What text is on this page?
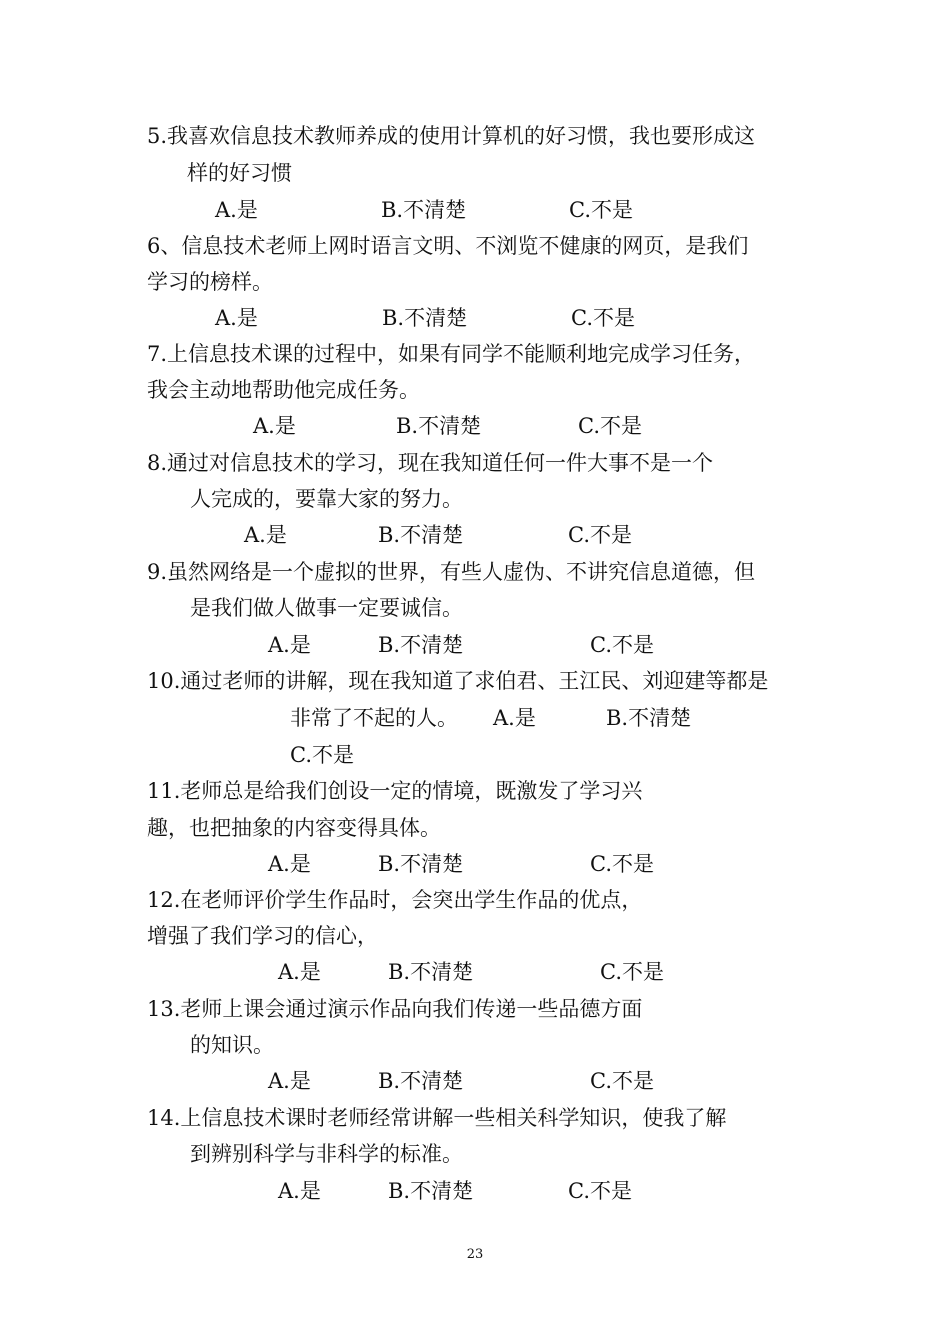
5.我喜欢信息技术教师养成的使用计算机的好习惯，我也要形成这
样的好习惯
A.是	B.不清楚	C.不是
6、信息技术老师上网时语言文明、不浏览不健康的网页，是我们
学习的榜样。
A.是	B.不清楚	C.不是
7.上信息技术课的过程中，如果有同学不能顺利地完成学习任务，
我会主动地帮助他完成任务。
A.是	B.不清楚	C.不是
8.通过对信息技术的学习，现在我知道任何一件大事不是一个
人完成的，要靠大家的努力。
A.是	B.不清楚	C.不是
9.虽然网络是一个虚拟的世界，有些人虚伪、不讲究信息道德，但
是我们做人做事一定要诚信。
A.是	B.不清楚	C.不是
10.通过老师的讲解，现在我知道了求伯君、王江民、刘迎建等都是
非常了不起的人。 A.是	B.不清楚
C.不是
11.老师总是给我们创设一定的情境，既激发了学习兴
趣，也把抽象的内容变得具体。
A.是	B.不清楚	C.不是
12.在老师评价学生作品时，会突出学生作品的优点，
增强了我们学习的信心，
A.是	B.不清楚	C.不是
13.老师上课会通过演示作品向我们传递一些品德方面
的知识。
A.是	B.不清楚	C.不是
14.上信息技术课时老师经常讲解一些相关科学知识，使我了解
到辨别科学与非科学的标准。
A.是	B.不清楚	C.不是
23
